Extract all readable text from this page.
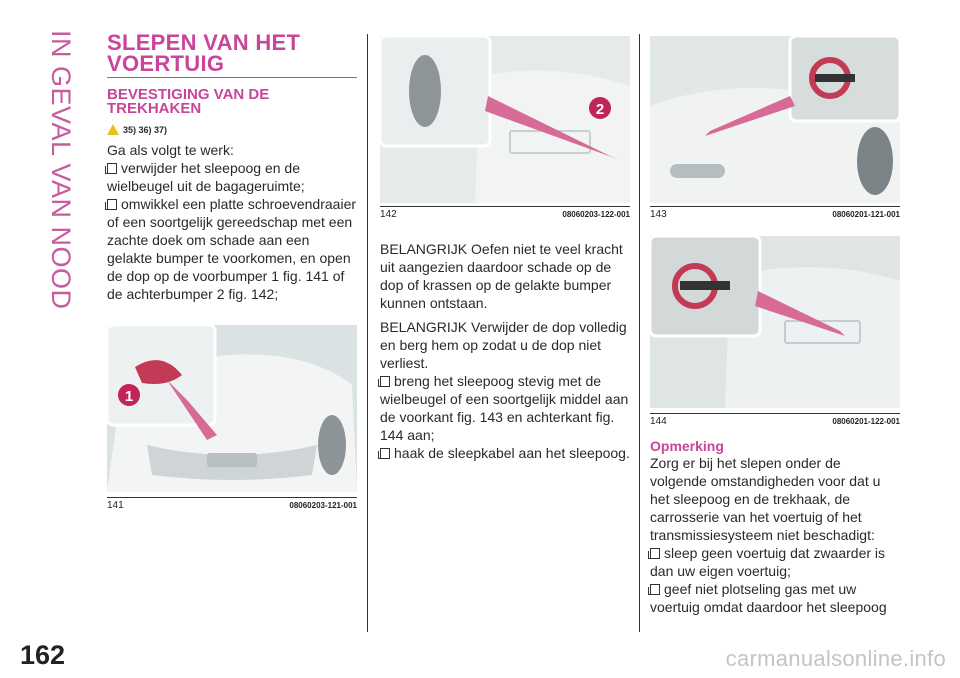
IN GEVAL VAN NOOD
162	carmanualsonline.info
SLEPEN VAN HET VOERTUIG
BEVESTIGING VAN DE TREKHAKEN
35) 36) 37)

Ga als volgt te werk:

verwijder het sleepoog en de wielbeugel uit de bagageruimte;

omwikkel een platte schroevendraaier of een soortgelijk gereedschap met een zachte doek om schade aan een gelakte bumper te voorkomen, en open de dop op de voorbumper 1 fig. 141 of de achterbumper 2 fig. 142;

1
141	08060203-121-001
2
142	08060203-122-001

BELANGRIJK Oefen niet te veel kracht uit aangezien daardoor schade op de dop of krassen op de gelakte bumper kunnen ontstaan.

BELANGRIJK Verwijder de dop volledig en berg hem op zodat u de dop niet verliest.

breng het sleepoog stevig met de wielbeugel of een soortgelijk middel aan de voorkant fig. 143 en achterkant fig. 144 aan;

haak de sleepkabel aan het sleepoog.

143	08060201-121-001
144	08060201-122-001
Opmerking

Zorg er bij het slepen onder de volgende omstandigheden voor dat u het sleepoog en de trekhaak, de carrosserie van het voertuig of het transmissiesysteem niet beschadigt:

sleep geen voertuig dat zwaarder is dan uw eigen voertuig;

geef niet plotseling gas met uw voertuig omdat daardoor het sleepoog
